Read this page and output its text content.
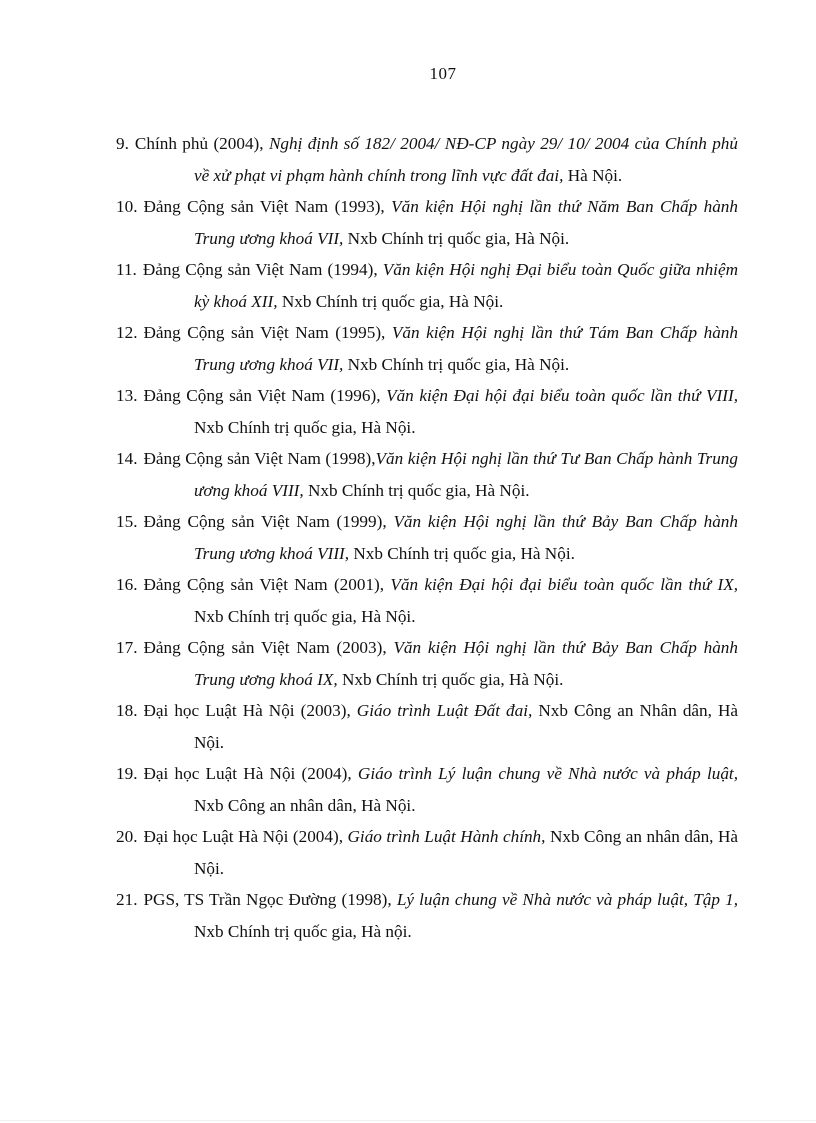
107
9. Chính phủ (2004), Nghị định số 182/ 2004/ NĐ-CP ngày 29/ 10/ 2004 của Chính phủ về xử phạt vi phạm hành chính trong lĩnh vực đất đai, Hà Nội.
10. Đảng Cộng sản Việt Nam (1993), Văn kiện Hội nghị lần thứ Năm Ban Chấp hành Trung ương khoá VII, Nxb Chính trị quốc gia, Hà Nội.
11. Đảng Cộng sản Việt Nam (1994), Văn kiện Hội nghị Đại biểu toàn Quốc giữa nhiệm kỳ khoá XII, Nxb Chính trị quốc gia, Hà Nội.
12. Đảng Cộng sản Việt Nam (1995), Văn kiện Hội nghị lần thứ Tám Ban Chấp hành Trung ương khoá VII, Nxb Chính trị quốc gia, Hà Nội.
13. Đảng Cộng sản Việt Nam (1996), Văn kiện Đại hội đại biểu toàn quốc lần thứ VIII, Nxb Chính trị quốc gia, Hà Nội.
14. Đảng Cộng sản Việt Nam (1998),Văn kiện Hội nghị lần thứ Tư Ban Chấp hành Trung ương khoá VIII, Nxb Chính trị quốc gia, Hà Nội.
15. Đảng Cộng sản Việt Nam (1999), Văn kiện Hội nghị lần thứ Bảy Ban Chấp hành Trung ương khoá VIII, Nxb Chính trị quốc gia, Hà Nội.
16. Đảng Cộng sản Việt Nam (2001), Văn kiện Đại hội đại biểu toàn quốc lần thứ IX, Nxb Chính trị quốc gia, Hà Nội.
17. Đảng Cộng sản Việt Nam (2003), Văn kiện Hội nghị lần thứ Bảy Ban Chấp hành Trung ương khoá IX, Nxb Chính trị quốc gia, Hà Nội.
18. Đại học Luật Hà Nội (2003), Giáo trình Luật Đất đai, Nxb Công an Nhân dân, Hà Nội.
19. Đại học Luật Hà Nội (2004), Giáo trình Lý luận chung về Nhà nước và pháp luật, Nxb Công an nhân dân, Hà Nội.
20. Đại học Luật Hà Nội (2004), Giáo trình Luật Hành chính, Nxb Công an nhân dân, Hà Nội.
21. PGS, TS Trần Ngọc Đường (1998), Lý luận chung về Nhà nước và pháp luật, Tập 1, Nxb Chính trị quốc gia, Hà nội.
